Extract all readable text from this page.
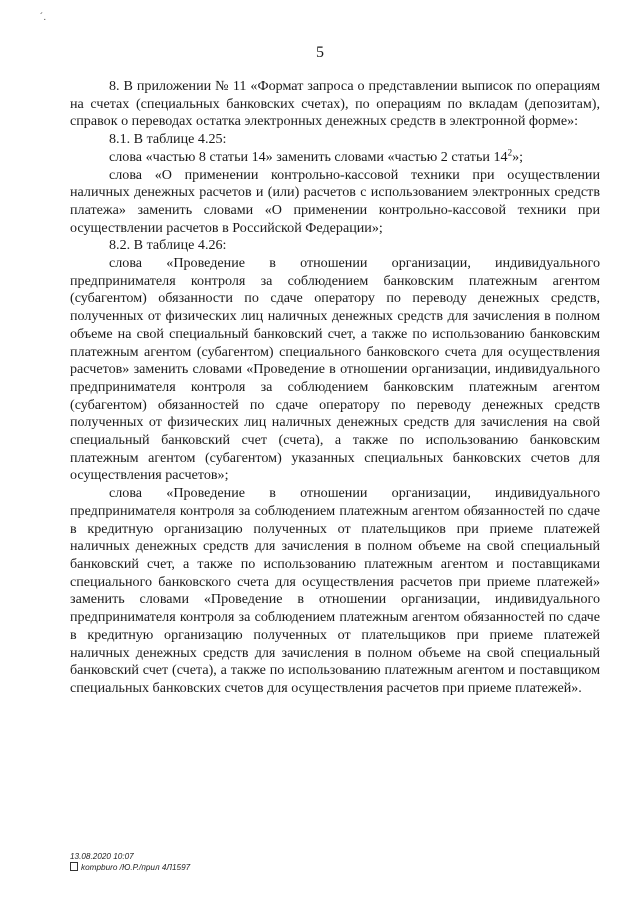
´.
5

8. В приложении № 11 «Формат запроса о представлении выписок по операциям на счетах (специальных банковских счетах), по операциям по вкладам (депозитам), справок о переводах остатка электронных денежных средств в электронной форме»:

8.1. В таблице 4.25:

слова «частью 8 статьи 14» заменить словами «частью 2 статьи $14^2$»;

слова «О применении контрольно-кассовой техники при осуществлении наличных денежных расчетов и (или) расчетов с использованием электронных средств платежа» заменить словами «О применении контрольно-кассовой техники при осуществлении расчетов в Российской Федерации»;

8.2. В таблице 4.26:

слова «Проведение в отношении организации, индивидуального предпринимателя контроля за соблюдением банковским платежным агентом (субагентом) обязанности по сдаче оператору по переводу денежных средств, полученных от физических лиц наличных денежных средств для зачисления в полном объеме на свой специальный банковский счет, а также по использованию банковским платежным агентом (субагентом) специального банковского счета для осуществления расчетов» заменить словами «Проведение в отношении организации, индивидуального предпринимателя контроля за соблюдением банковским платежным агентом (субагентом) обязанностей по сдаче оператору по переводу денежных средств полученных от физических лиц наличных денежных средств для зачисления на свой специальный банковский счет (счета), а также по использованию банковским платежным агентом (субагентом) указанных специальных банковских счетов для осуществления расчетов»;

слова «Проведение в отношении организации, индивидуального предпринимателя контроля за соблюдением платежным агентом обязанностей по сдаче в кредитную организацию полученных от плательщиков при приеме платежей наличных денежных средств для зачисления в полном объеме на свой специальный банковский счет, а также по использованию платежным агентом и поставщиками специального банковского счета для осуществления расчетов при приеме платежей» заменить словами «Проведение в отношении организации, индивидуального предпринимателя контроля за соблюдением платежным агентом обязанностей по сдаче в кредитную организацию полученных от плательщиков при приеме платежей наличных денежных средств для зачисления в полном объеме на свой специальный банковский счет (счета), а также по использованию платежным агентом и поставщиком специальных банковских счетов для осуществления расчетов при приеме платежей».

13.08.2020 10:07
kompburo /Ю.Р./прил 4Л1597
